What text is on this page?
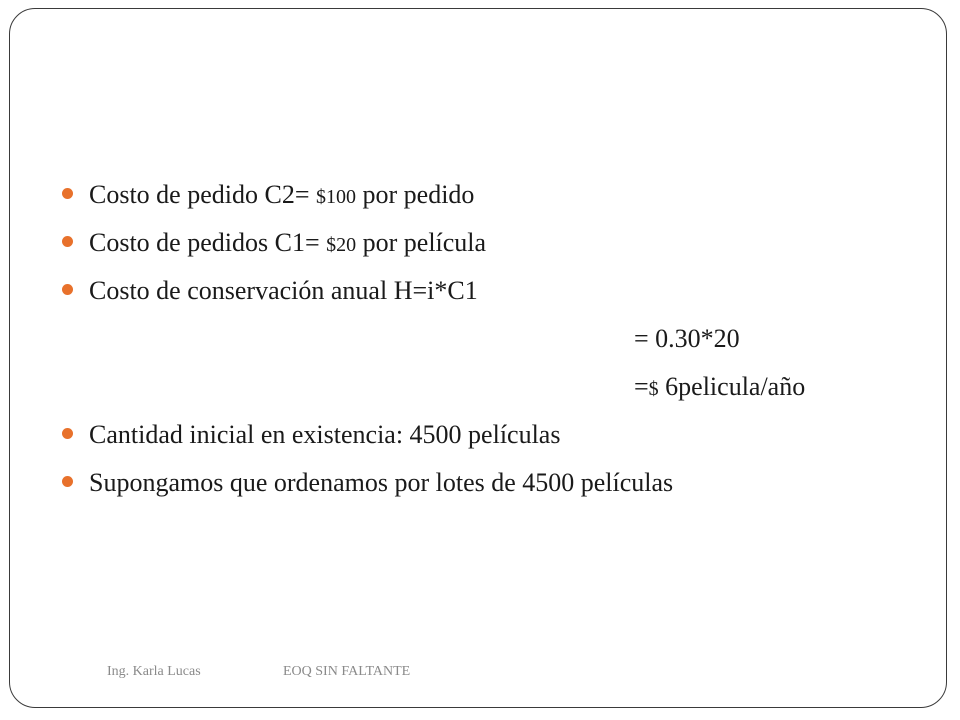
Costo de pedido C2= $100 por pedido
Costo de pedidos C1= $20 por película
Costo de conservación anual H=i*C1
= 0.30*20
=$ 6pelicula/año
Cantidad inicial en existencia: 4500 películas
Supongamos que ordenamos por lotes de 4500 películas
Ing. Karla Lucas	EOQ SIN FALTANTE
